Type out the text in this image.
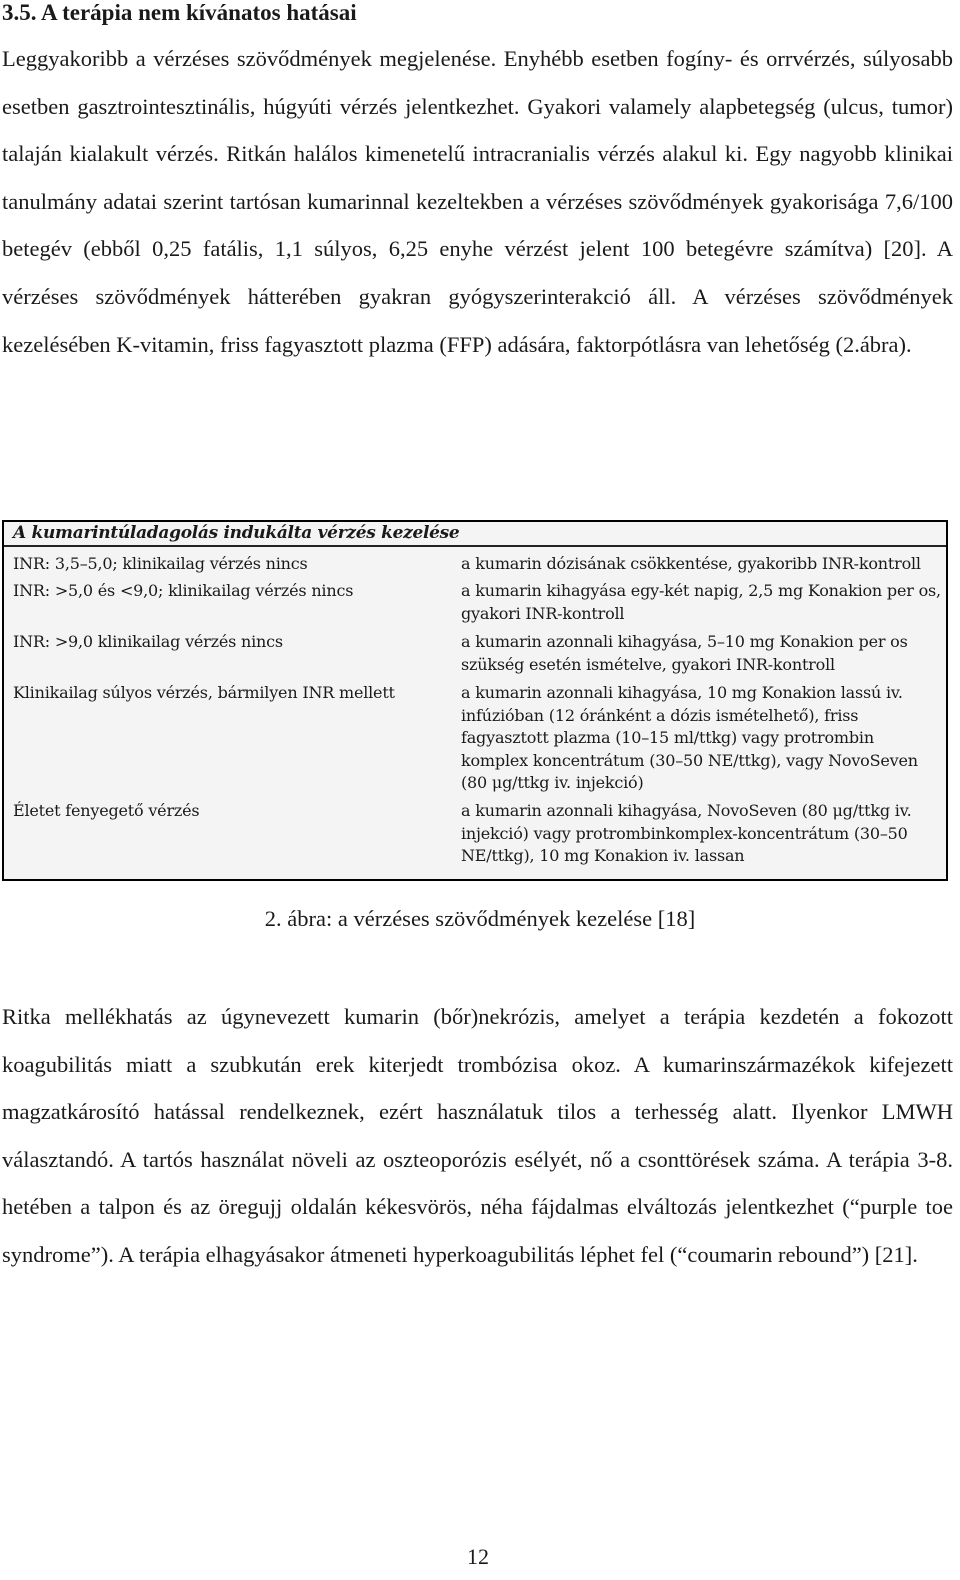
3.5. A terápia nem kívánatos hatásai

Leggyakoribb a vérzéses szövődmények megjelenése. Enyhébb esetben fogíny- és orrvérzés, súlyosabb esetben gasztrointesztinális, húgyúti vérzés jelentkezhet. Gyakori valamely alapbetegség (ulcus, tumor) talaján kialakult vérzés. Ritkán halálos kimenetelű intracranialis vérzés alakul ki. Egy nagyobb klinikai tanulmány adatai szerint tartósan kumarinnal kezeltekben a vérzéses szövődmények gyakorisága 7,6/100 betegév (ebből 0,25 fatális, 1,1 súlyos, 6,25 enyhe vérzést jelent 100 betegévre számítva) [20]. A vérzéses szövődmények hátterében gyakran gyógyszerinterakció áll. A vérzéses szövődmények kezelésében K-vitamin, friss fagyasztott plazma (FFP) adására, faktorpótlásra van lehetőség (2.ábra).

A kumarintúladagolás indukálta vérzés kezelése
INR: 3,5–5,0; klinikailag vérzés nincs	a kumarin dózisának csökkentése, gyakoribb INR-kontroll
INR: >5,0 és <9,0; klinikailag vérzés nincs	a kumarin kihagyása egy-két napig, 2,5 mg Konakion per os, gyakori INR-kontroll
INR: >9,0 klinikailag vérzés nincs	a kumarin azonnali kihagyása, 5–10 mg Konakion per os szükség esetén ismételve, gyakori INR-kontroll
Klinikailag súlyos vérzés, bármilyen INR mellett	a kumarin azonnali kihagyása, 10 mg Konakion lassú iv. infúzióban (12 óránként a dózis ismételhető), friss fagyasztott plazma (10–15 ml/ttkg) vagy protrombin komplex koncentrátum (30–50 NE/ttkg), vagy NovoSeven (80 μg/ttkg iv. injekció)
Életet fenyegető vérzés	a kumarin azonnali kihagyása, NovoSeven (80 μg/ttkg iv. injekció) vagy protrombinkomplex-koncentrátum (30–50 NE/ttkg), 10 mg Konakion iv. lassan

2. ábra: a vérzéses szövődmények kezelése [18]

Ritka mellékhatás az úgynevezett kumarin (bőr)nekrózis, amelyet a terápia kezdetén a fokozott koagubilitás miatt a szubkután erek kiterjedt trombózisa okoz. A kumarinszármazékok kifejezett magzatkárosító hatással rendelkeznek, ezért használatuk tilos a terhesség alatt. Ilyenkor LMWH választandó. A tartós használat növeli az oszteoporózis esélyét, nő a csonttörések száma. A terápia 3-8. hetében a talpon és az öregujj oldalán kékesvörös, néha fájdalmas elváltozás jelentkezhet (“purple toe syndrome”). A terápia elhagyásakor átmeneti hyperkoagubilitás léphet fel (“coumarin rebound”) [21].

12
